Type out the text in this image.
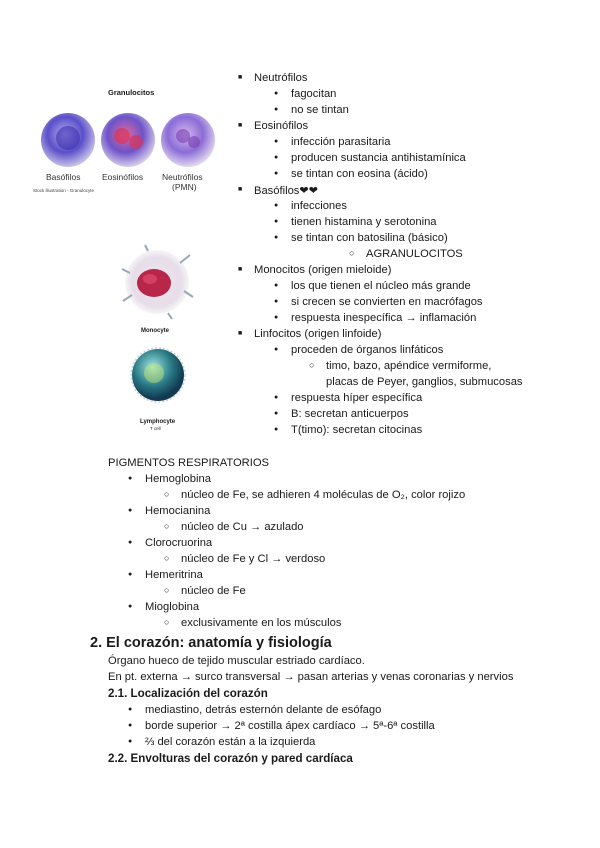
Granulocitos
Basófilos	Eosinófilos Neutrófilos
(PMN)
Stock illustration - Granulocyte
Monocyte
Lymphocyte
T cell
■ Neutrófilos
● fagocitan
● no se tintan
■ Eosinófilos
● infección parasitaria
● producen sustancia antihistamínica
● se tintan con eosina (ácido)
■ Basófilos❤❤
● infecciones
● tienen histamina y serotonina
● se tintan con batosilina (básico)
○ AGRANULOCITOS
■ Monocitos (origen mieloide)
● los que tienen el núcleo más grande
● si crecen se convierten en macrófagos
● respuesta inespecífica → inflamación
■ Linfocitos (origen linfoide)
● proceden de órganos linfáticos
○ timo, bazo, apéndice vermiforme,
placas de Peyer, ganglios, submucosas
● respuesta híper específica
● B: secretan anticuerpos
● T(timo): secretan citocinas
PIGMENTOS RESPIRATORIOS
● Hemoglobina
○ núcleo de Fe, se adhieren 4 moléculas de O₂, color rojizo
● Hemocianina
○ núcleo de Cu → azulado
● Clorocruorina
○ núcleo de Fe y Cl → verdoso
● Hemeritrina
○ núcleo de Fe
● Mioglobina
○ exclusivamente en los músculos
2. El corazón: anatomía y fisiología
Órgano hueco de tejido muscular estriado cardíaco.
En pt. externa → surco transversal → pasan arterias y venas coronarias y nervios
2.1. Localización del corazón
● mediastino, detrás esternón delante de esófago
● borde superior → 2ª costilla ápex cardíaco → 5ª-6ª costilla
● ⅔ del corazón están a la izquierda
2.2. Envolturas del corazón y pared cardíaca
